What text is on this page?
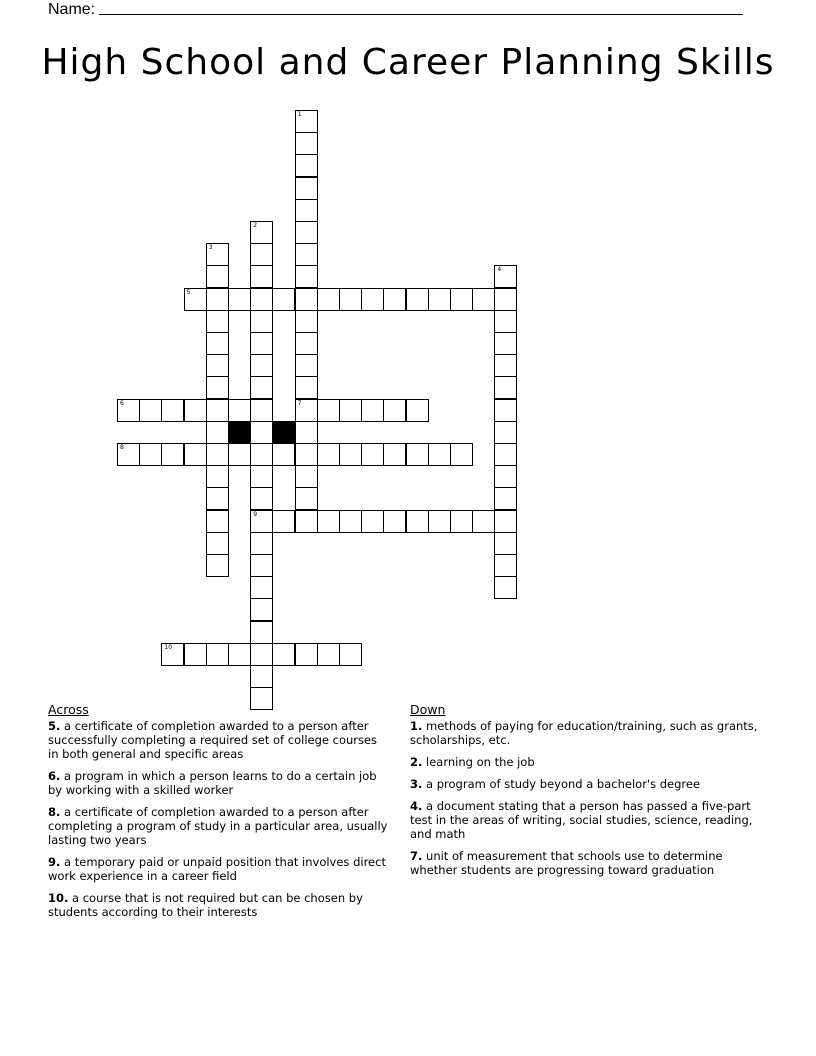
Name:
High School and Career Planning Skills
1
2
9
3
4
7
5
6
8
10
Across
5. a certificate of completion awarded to a person after successfully completing a required set of college courses in both general and specific areas
6. a program in which a person learns to do a certain job by working with a skilled worker
8. a certificate of completion awarded to a person after completing a program of study in a particular area, usually lasting two years
9. a temporary paid or unpaid position that involves direct work experience in a career field
10. a course that is not required but can be chosen by students according to their interests
Down
1. methods of paying for education/training, such as grants, scholarships, etc.
2. learning on the job
3. a program of study beyond a bachelor's degree
4. a document stating that a person has passed a five-part test in the areas of writing, social studies, science, reading, and math
7. unit of measurement that schools use to determine whether students are progressing toward graduation
